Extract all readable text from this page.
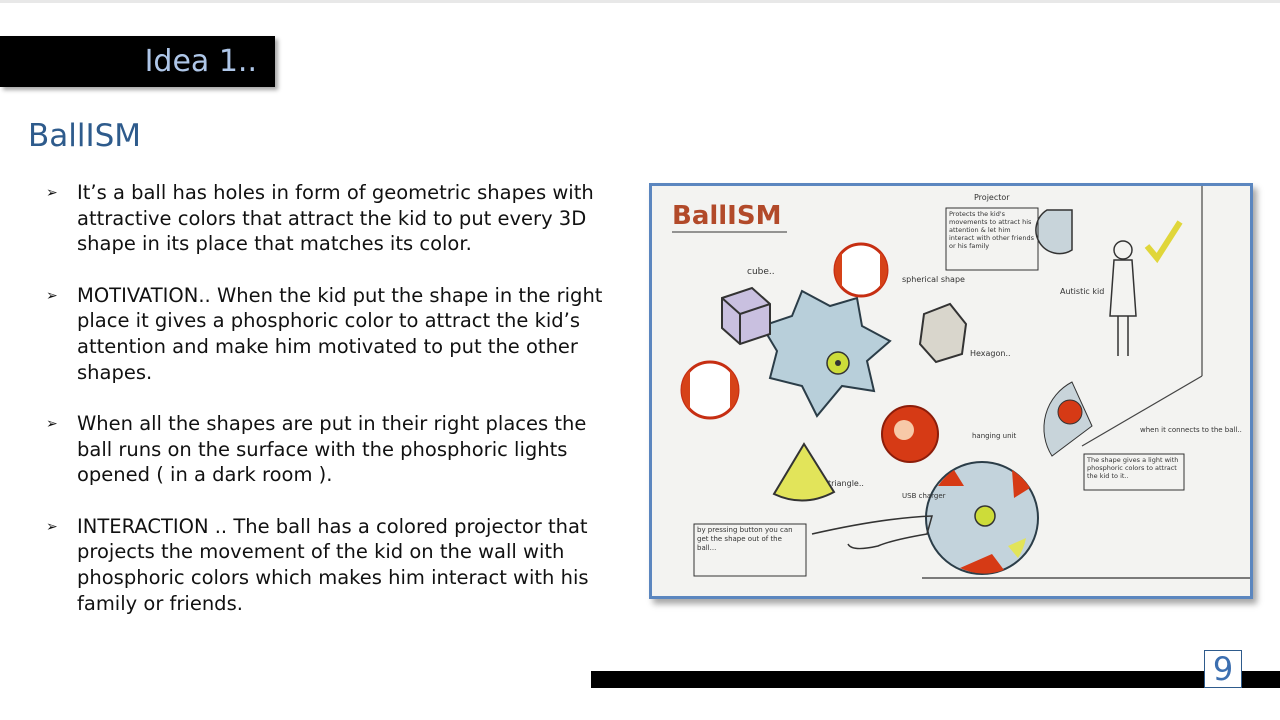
Idea 1..
BallISM
➢ It’s a ball has holes in form of geometric shapes with attractive colors that attract the kid to put every 3D shape in its place that matches its color.
➢ MOTIVATION.. When the kid put the shape in the right place it gives a phosphoric color to attract the kid’s attention and make him motivated to put the other shapes.
➢ When all the shapes are put in their right places the ball runs on the surface with the phosphoric lights opened ( in a dark room ).
➢ INTERACTION .. The ball has a colored projector that projects the movement of the kid on the wall with phosphoric colors which makes him interact with his family or friends.
BallISM
cube..
spherical shape
Hexagon..
triangle..
Projector
Protects the kid's movements to attract his attention & let him interact with other friends or his family
Autistic kid
hanging unit
USB charger
by pressing button you can get the shape out of the ball...
The shape gives a light with phosphoric colors to attract the kid to it..
when it connects to the ball..
9
